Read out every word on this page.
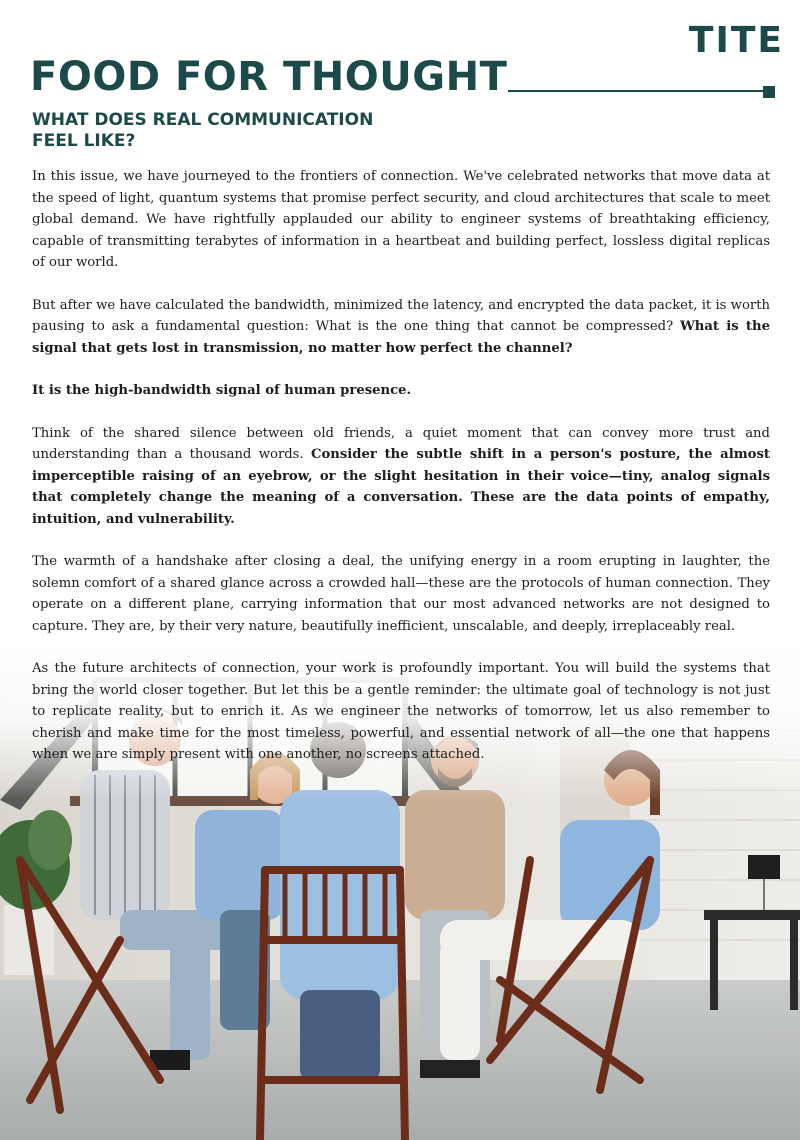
TITE
FOOD FOR THOUGHT
WHAT DOES REAL COMMUNICATION FEEL LIKE?

In this issue, we have journeyed to the frontiers of connection. We've celebrated networks that move data at the speed of light, quantum systems that promise perfect security, and cloud architectures that scale to meet global demand. We have rightfully applauded our ability to engineer systems of breathtaking efficiency, capable of transmitting terabytes of information in a heartbeat and building perfect, lossless digital replicas of our world.

But after we have calculated the bandwidth, minimized the latency, and encrypted the data packet, it is worth pausing to ask a fundamental question: What is the one thing that cannot be compressed? What is the signal that gets lost in transmission, no matter how perfect the channel?

It is the high-bandwidth signal of human presence.

Think of the shared silence between old friends, a quiet moment that can convey more trust and understanding than a thousand words. Consider the subtle shift in a person's posture, the almost imperceptible raising of an eyebrow, or the slight hesitation in their voice—tiny, analog signals that completely change the meaning of a conversation. These are the data points of empathy, intuition, and vulnerability.

The warmth of a handshake after closing a deal, the unifying energy in a room erupting in laughter, the solemn comfort of a shared glance across a crowded hall—these are the protocols of human connection. They operate on a different plane, carrying information that our most advanced networks are not designed to capture. They are, by their very nature, beautifully inefficient, unscalable, and deeply, irreplaceably real.

As the future architects of connection, your work is profoundly important. You will build the systems that bring the world closer together. But let this be a gentle reminder: the ultimate goal of technology is not just to replicate reality, but to enrich it. As we engineer the networks of tomorrow, let us also remember to cherish and make time for the most timeless, powerful, and essential network of all—the one that happens when we are simply present with one another, no screens attached.
